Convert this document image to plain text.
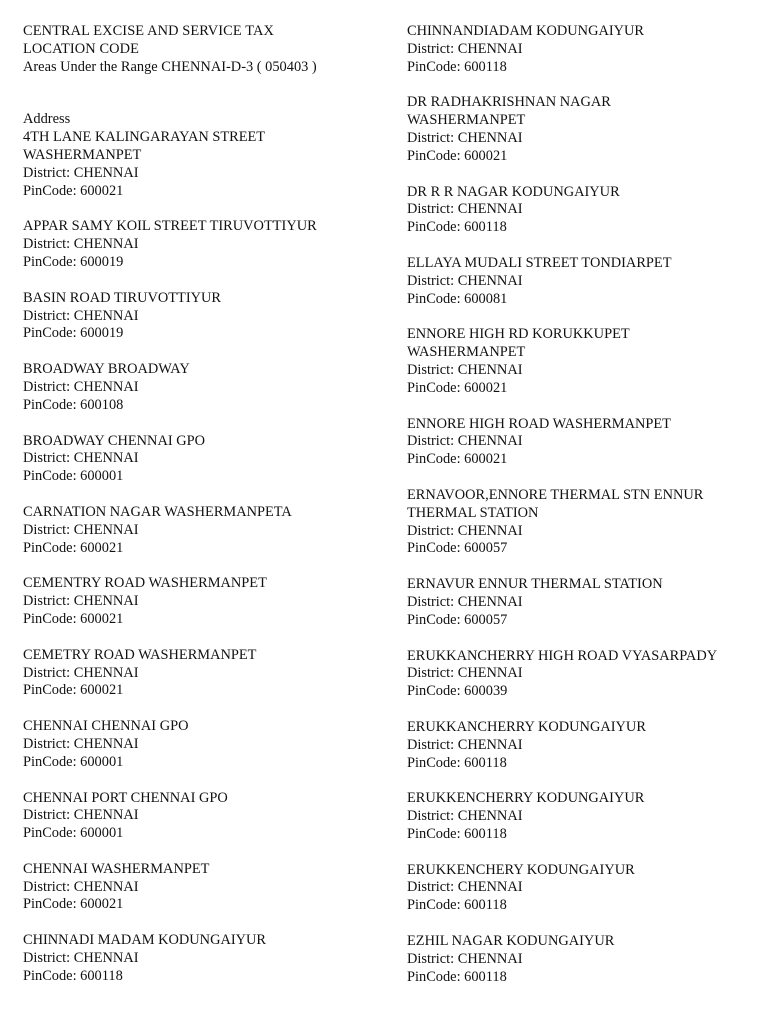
CENTRAL EXCISE AND SERVICE TAX
LOCATION CODE
Areas Under the Range CHENNAI-D-3 ( 050403 )
Address
4TH LANE KALINGARAYAN STREET
WASHERMANPET
District: CHENNAI
PinCode: 600021
APPAR SAMY KOIL STREET TIRUVOTTIYUR
District: CHENNAI
PinCode: 600019
BASIN ROAD TIRUVOTTIYUR
District: CHENNAI
PinCode: 600019
BROADWAY BROADWAY
District: CHENNAI
PinCode: 600108
BROADWAY CHENNAI GPO
District: CHENNAI
PinCode: 600001
CARNATION NAGAR WASHERMANPETA
District: CHENNAI
PinCode: 600021
CEMENTRY ROAD WASHERMANPET
District: CHENNAI
PinCode: 600021
CEMETRY ROAD WASHERMANPET
District: CHENNAI
PinCode: 600021
CHENNAI CHENNAI GPO
District: CHENNAI
PinCode: 600001
CHENNAI PORT CHENNAI GPO
District: CHENNAI
PinCode: 600001
CHENNAI WASHERMANPET
District: CHENNAI
PinCode: 600021
CHINNADI MADAM KODUNGAIYUR
District: CHENNAI
PinCode: 600118
CHINNANDIADAM KODUNGAIYUR
District: CHENNAI
PinCode: 600118
DR RADHAKRISHNAN NAGAR
WASHERMANPET
District: CHENNAI
PinCode: 600021
DR R R NAGAR KODUNGAIYUR
District: CHENNAI
PinCode: 600118
ELLAYA MUDALI STREET TONDIARPET
District: CHENNAI
PinCode: 600081
ENNORE HIGH RD KORUKKUPET
WASHERMANPET
District: CHENNAI
PinCode: 600021
ENNORE HIGH ROAD WASHERMANPET
District: CHENNAI
PinCode: 600021
ERNAVOOR,ENNORE THERMAL STN ENNUR
THERMAL STATION
District: CHENNAI
PinCode: 600057
ERNAVUR ENNUR THERMAL STATION
District: CHENNAI
PinCode: 600057
ERUKKANCHERRY HIGH ROAD VYASARPADY
District: CHENNAI
PinCode: 600039
ERUKKANCHERRY KODUNGAIYUR
District: CHENNAI
PinCode: 600118
ERUKKENCHERRY KODUNGAIYUR
District: CHENNAI
PinCode: 600118
ERUKKENCHERY KODUNGAIYUR
District: CHENNAI
PinCode: 600118
EZHIL NAGAR KODUNGAIYUR
District: CHENNAI
PinCode: 600118
